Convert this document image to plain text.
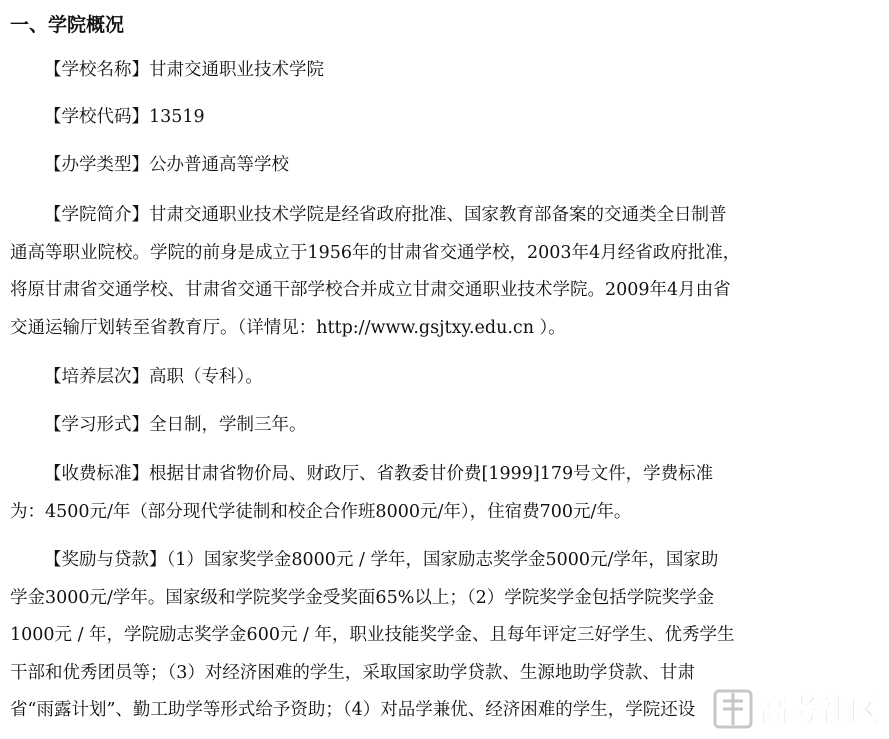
一、学院概况
【学校名称】甘肃交通职业技术学院
【学校代码】13519
【办学类型】公办普通高等学校
【学院简介】甘肃交通职业技术学院是经省政府批准、国家教育部备案的交通类全日制普
通高等职业院校。学院的前身是成立于1956年的甘肃省交通学校，2003年4月经省政府批准，
将原甘肃省交通学校、甘肃省交通干部学校合并成立甘肃交通职业技术学院。2009年4月由省
交通运输厅划转至省教育厅。（详情见：http://www.gsjtxy.edu.cn ）。
【培养层次】高职（专科）。
【学习形式】全日制，学制三年。
【收费标准】根据甘肃省物价局、财政厅、省教委甘价费[1999]179号文件，学费标准
为：4500元/年（部分现代学徒制和校企合作班8000元/年），住宿费700元/年。
【奖励与贷款】（1）国家奖学金8000元 / 学年，国家励志奖学金5000元/学年，国家助
学金3000元/学年。国家级和学院奖学金受奖面65%以上；（2）学院奖学金包括学院奖学金
1000元 / 年，学院励志奖学金600元 / 年，职业技能奖学金、且每年评定三好学生、优秀学生
干部和优秀团员等；（3）对经济困难的学生，采取国家助学贷款、生源地助学贷款、甘肃
省“雨露计划”、勤工助学等形式给予资助；（4）对品学兼优、经济困难的学生，学院还设	高考社区
